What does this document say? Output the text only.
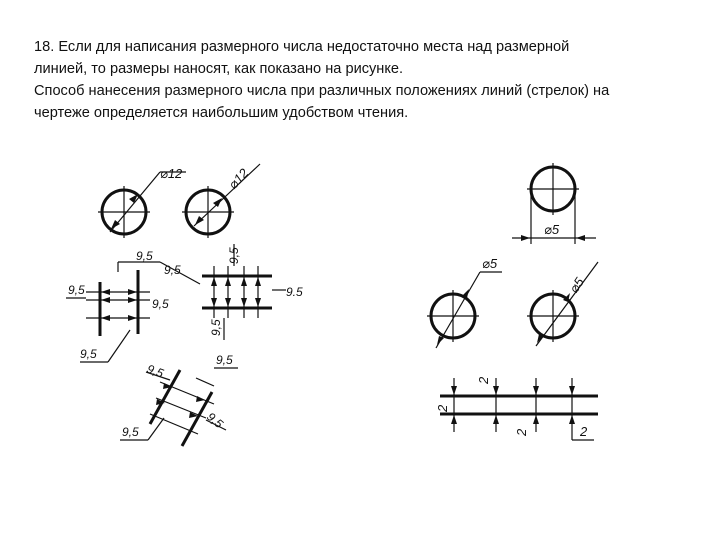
18. Если для написания размерного числа недостаточно места над размерной
линией, то размеры наносят, как показано на рисунке.
Способ нанесения размерного числа при различных положениях линий (стрелок) на
чертеже определяется наибольшим удобством чтения.
⌀12	⌀12
9,5
9,5
9,5
9,5
9,5
9,5
9,5
9.5
9,5
9,5
9,5
9,5
⌀5
⌀5
⌀5
2
2
2	2
